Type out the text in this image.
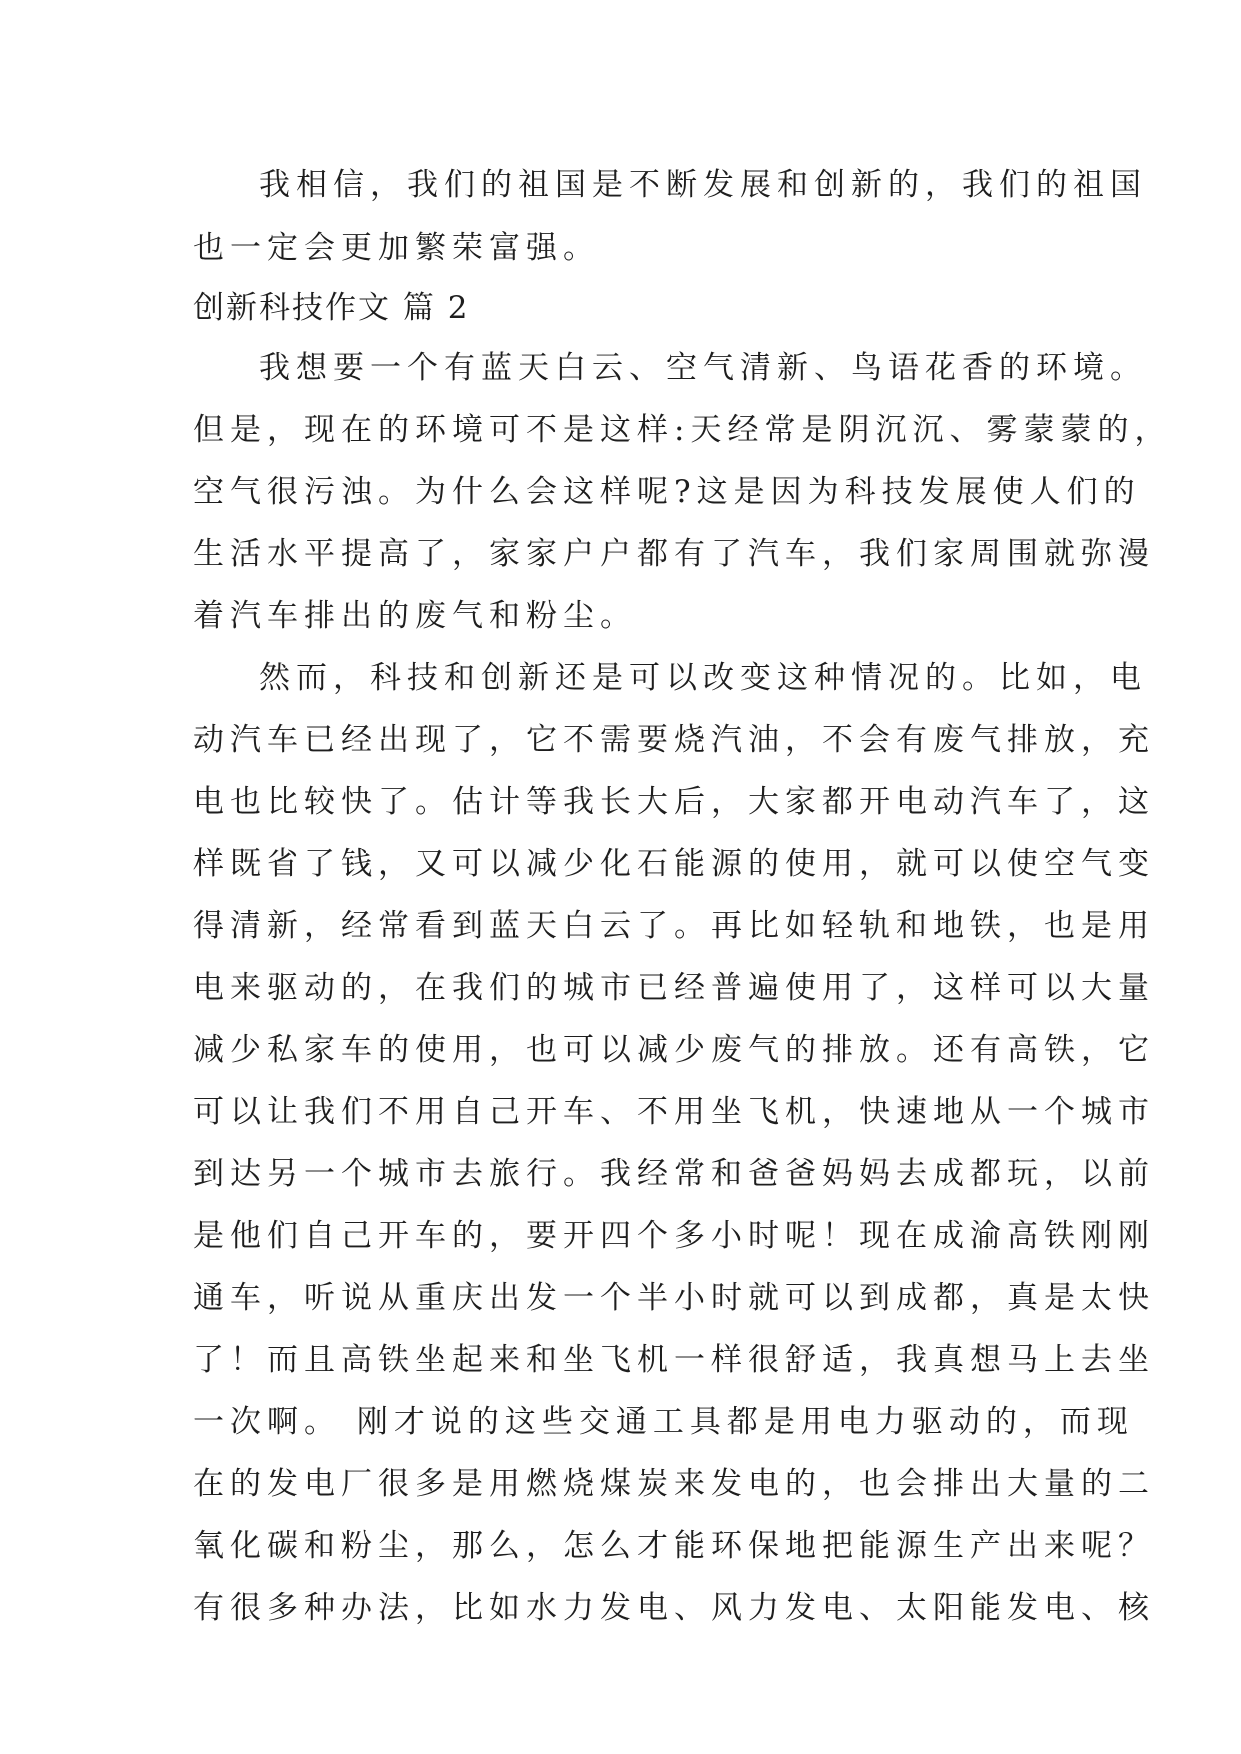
我相信，我们的祖国是不断发展和创新的，我们的祖国
也一定会更加繁荣富强。
创新科技作文 篇 2
我想要一个有蓝天白云、空气清新、鸟语花香的环境。
但是，现在的环境可不是这样:天经常是阴沉沉、雾蒙蒙的，
空气很污浊。为什么会这样呢?这是因为科技发展使人们的
生活水平提高了，家家户户都有了汽车，我们家周围就弥漫
着汽车排出的废气和粉尘。
然而，科技和创新还是可以改变这种情况的。比如，电
动汽车已经出现了，它不需要烧汽油，不会有废气排放，充
电也比较快了。估计等我长大后，大家都开电动汽车了，这
样既省了钱，又可以减少化石能源的使用，就可以使空气变
得清新，经常看到蓝天白云了。再比如轻轨和地铁，也是用
电来驱动的，在我们的城市已经普遍使用了，这样可以大量
减少私家车的使用，也可以减少废气的排放。还有高铁，它
可以让我们不用自己开车、不用坐飞机，快速地从一个城市
到达另一个城市去旅行。我经常和爸爸妈妈去成都玩，以前
是他们自己开车的，要开四个多小时呢！现在成渝高铁刚刚
通车，听说从重庆出发一个半小时就可以到成都，真是太快
了！而且高铁坐起来和坐飞机一样很舒适，我真想马上去坐
一次啊。 刚才说的这些交通工具都是用电力驱动的，而现
在的发电厂很多是用燃烧煤炭来发电的，也会排出大量的二
氧化碳和粉尘，那么，怎么才能环保地把能源生产出来呢？
有很多种办法，比如水力发电、风力发电、太阳能发电、核
